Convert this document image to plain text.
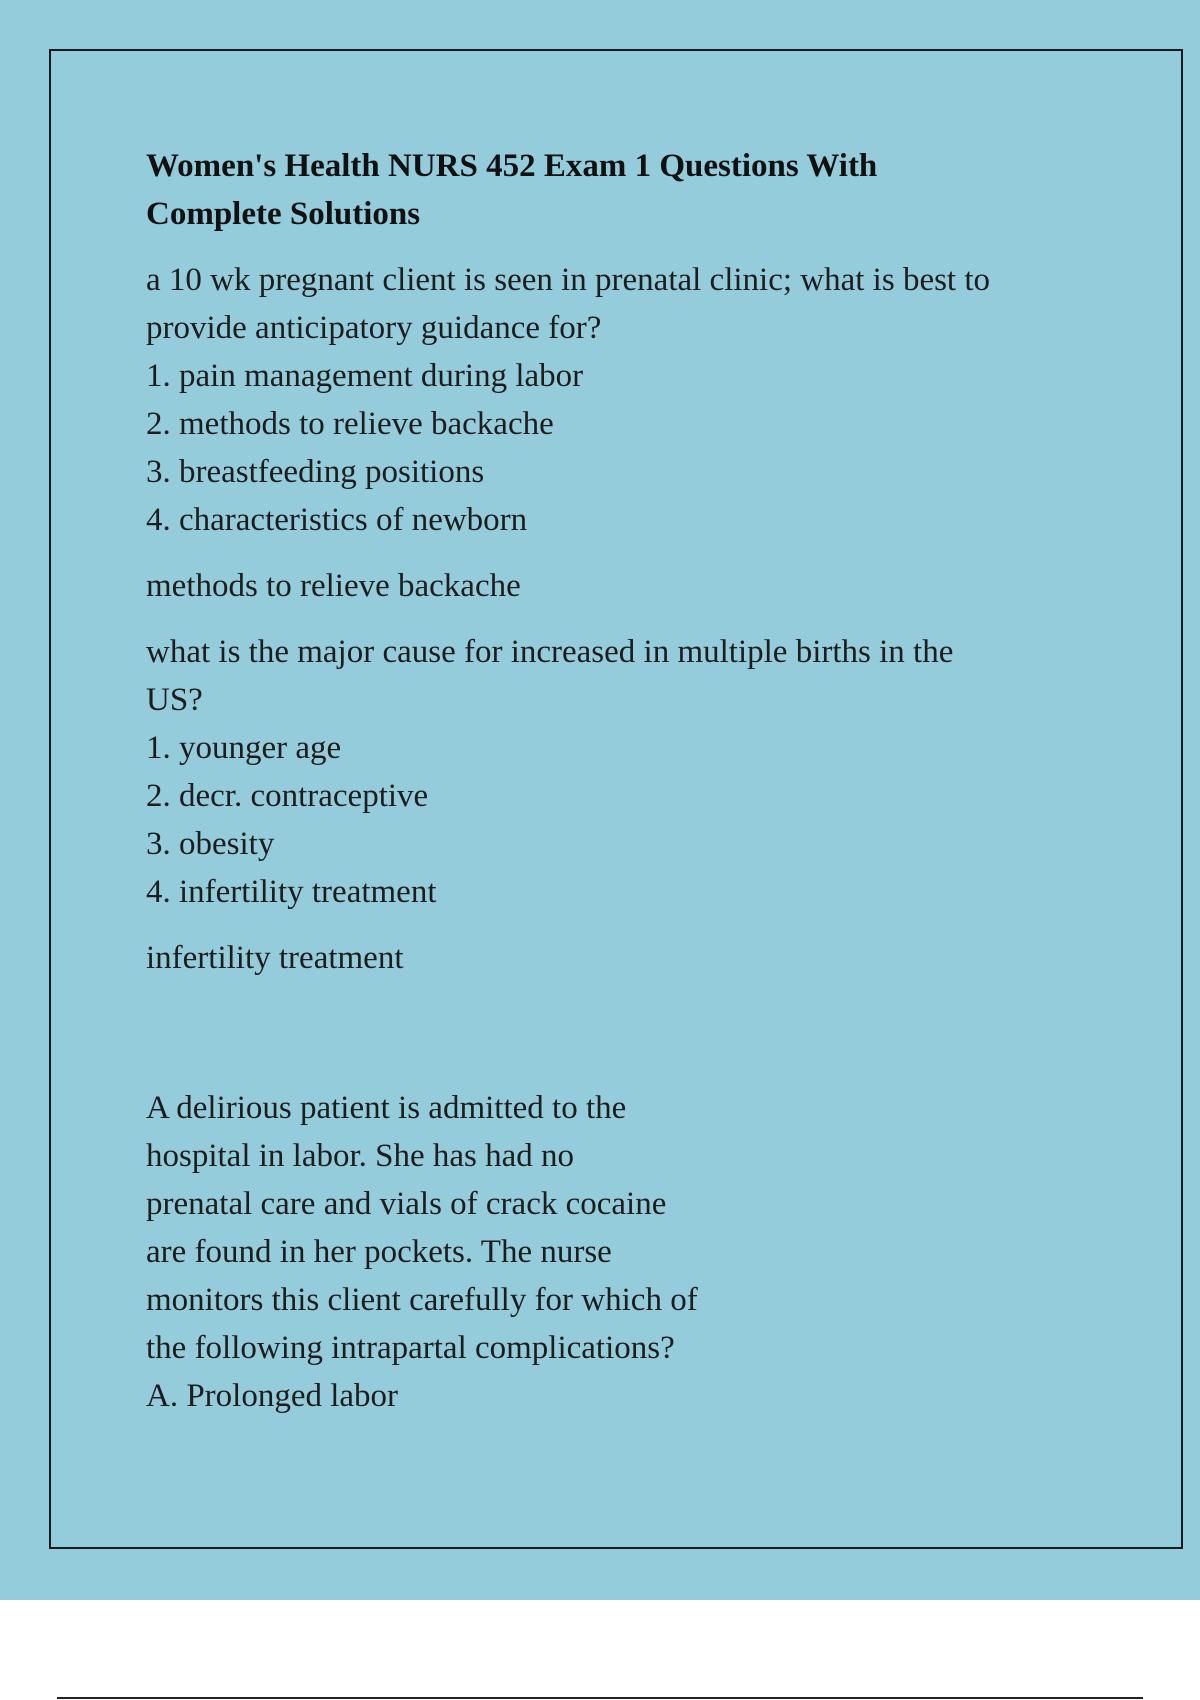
Women's Health NURS 452 Exam 1 Questions With
Complete Solutions
a 10 wk pregnant client is seen in prenatal clinic; what is best to
provide anticipatory guidance for?
1. pain management during labor
2. methods to relieve backache
3. breastfeeding positions
4. characteristics of newborn
methods to relieve backache
what is the major cause for increased in multiple births in the
US?
1. younger age
2. decr. contraceptive
3. obesity
4. infertility treatment
infertility treatment
A delirious patient is admitted to the
hospital in labor. She has had no
prenatal care and vials of crack cocaine
are found in her pockets. The nurse
monitors this client carefully for which of
the following intrapartal complications?
A. Prolonged labor
